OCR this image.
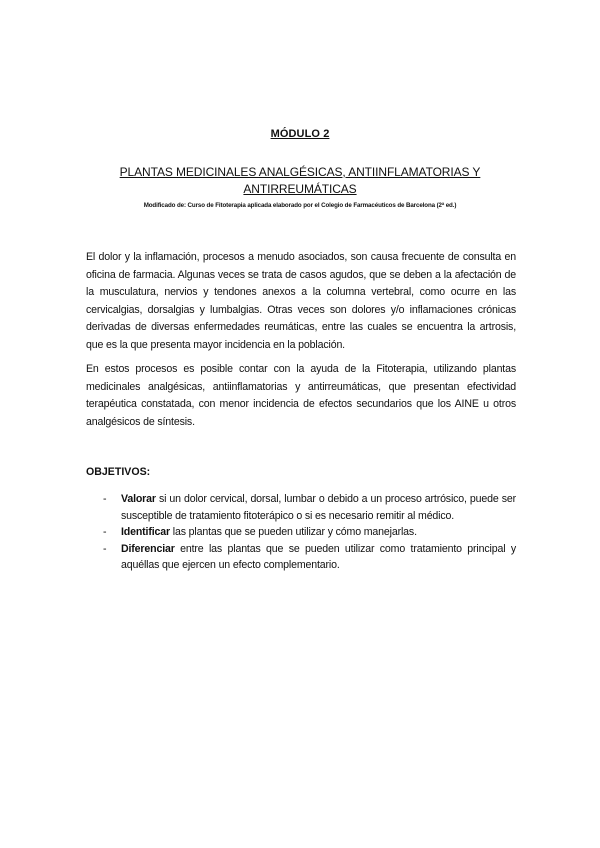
MÓDULO 2
PLANTAS MEDICINALES ANALGÉSICAS, ANTIINFLAMATORIAS Y ANTIRREUMÁTICAS
Modificado de: Curso de Fitoterapia aplicada elaborado por el Colegio de Farmacéuticos de Barcelona (2ª ed.)

El dolor y la inflamación, procesos a menudo asociados, son causa frecuente de consulta en oficina de farmacia. Algunas veces se trata de casos agudos, que se deben a la afectación de la musculatura, nervios y tendones anexos a la columna vertebral, como ocurre en las cervicalgias, dorsalgias y lumbalgias. Otras veces son dolores y/o inflamaciones crónicas derivadas de diversas enfermedades reumáticas, entre las cuales se encuentra la artrosis, que es la que presenta mayor incidencia en la población.

En estos procesos es posible contar con la ayuda de la Fitoterapia, utilizando plantas medicinales analgésicas, antiinflamatorias y antirreumáticas, que presentan efectividad terapéutica constatada, con menor incidencia de efectos secundarios que los AINE u otros analgésicos de síntesis.

OBJETIVOS:
- Valorar si un dolor cervical, dorsal, lumbar o debido a un proceso artrósico, puede ser susceptible de tratamiento fitoterápico o si es necesario remitir al médico.
- Identificar las plantas que se pueden utilizar y cómo manejarlas.
- Diferenciar entre las plantas que se pueden utilizar como tratamiento principal y aquéllas que ejercen un efecto complementario.
